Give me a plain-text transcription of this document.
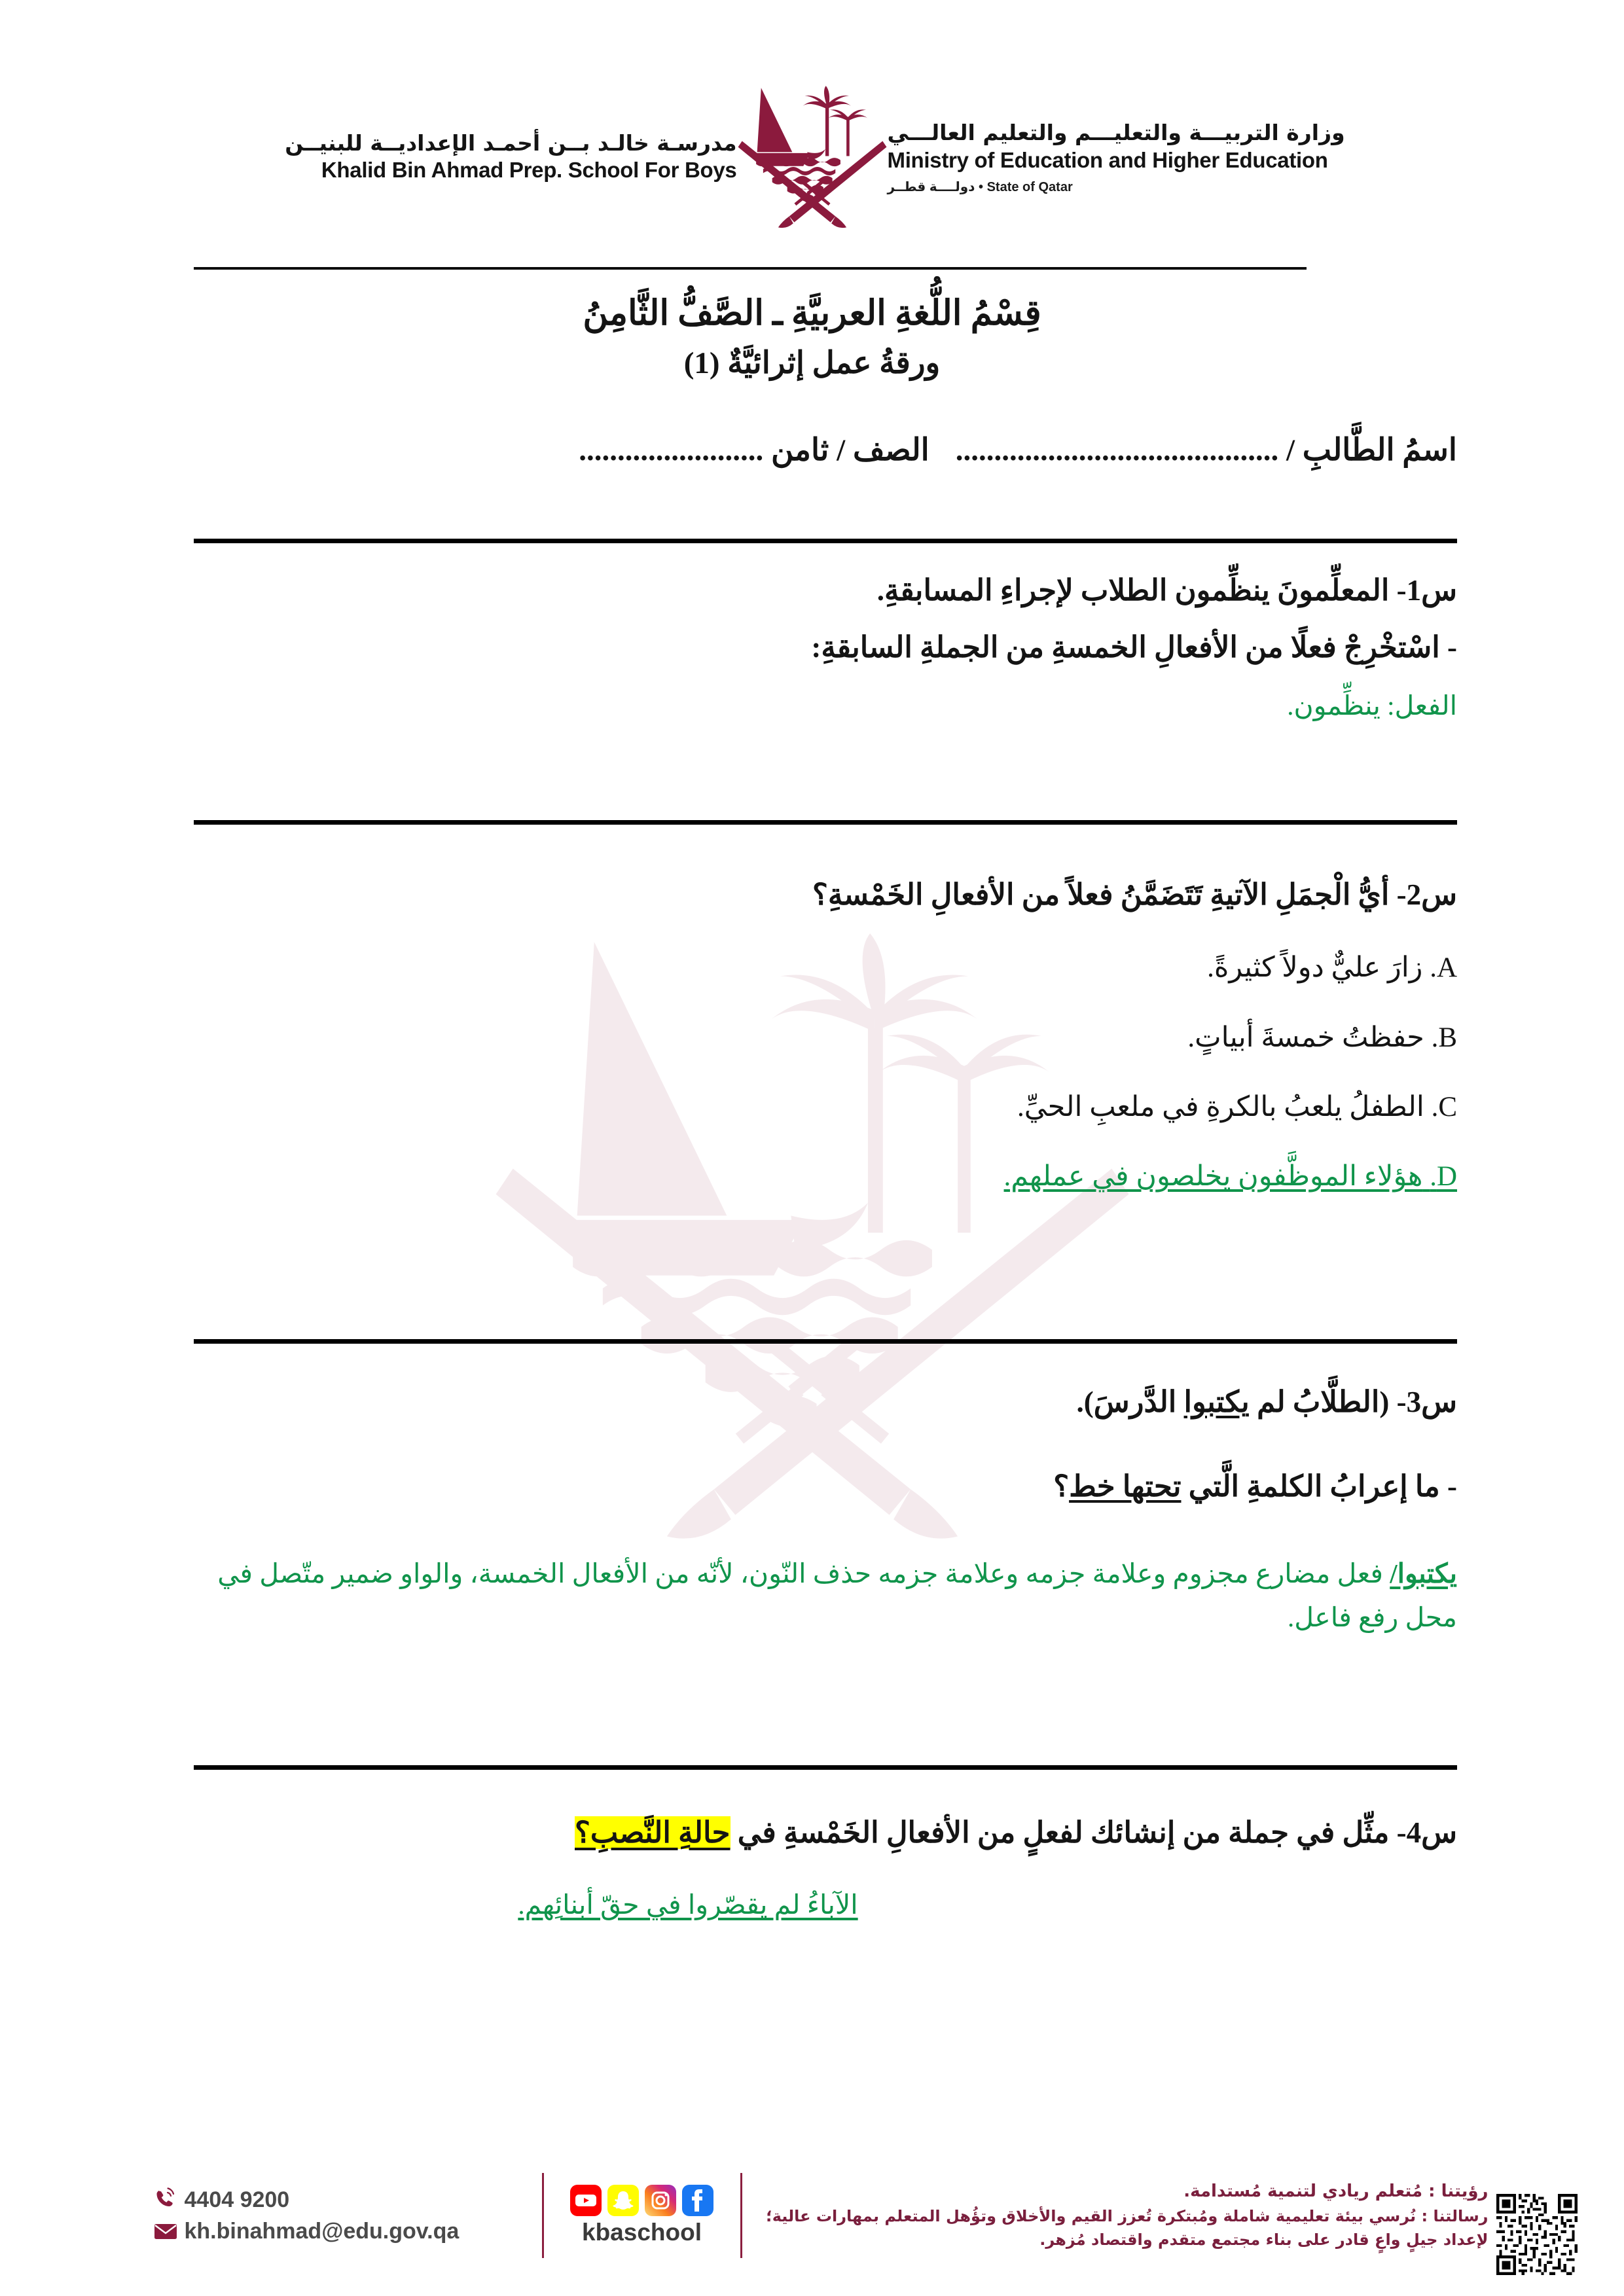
وزارة التربيـــة والتعليـــم والتعليم العالـــي
Ministry of Education and Higher Education
دولــــة قطــر • State of Qatar
مدرسـة خالـد بــن أحمـد الإعداديــة للبنيــن
Khalid Bin Ahmad Prep. School For Boys
قِسْمُ اللُّغةِ العربيَّةِ ـ الصَّفُّ الثَّامِنُ
ورقةُ عمل إثرائيَّةٌ (1)
اسمُ الطَّالبِ / ..........................................الصف / ثامن ........................
س1- المعلِّمونَ ينظِّمون الطلاب لإجراءِ المسابقةِ.
- اسْتخْرِجْ فعلًا من الأفعالِ الخمسةِ من الجملةِ السابقةِ:
الفعل: ينظِّمون.
س2- أيُّ الْجمَلِ الآتيةِ تَتَضَمَّنُ فعلاً من الأفعالِ الخَمْسةِ؟
A. زارَ عليٌّ دولاً كثيرةً.
B. حفظتُ خمسةَ أبياتٍ.
C. الطفلُ يلعبُ بالكرةِ في ملعبِ الحيِّ.
D. هؤلاء الموظَّفون يخلصون في عملهم.
س3- (الطلَّابُ لم يكتبوا الدَّرسَ).
- ما إعرابُ الكلمةِ الَّتي تحتها خط؟
يكتبوا/ فعل مضارع مجزوم وعلامة جزمه وعلامة جزمه حذف النّون، لأنّه من الأفعال الخمسة، والواو ضمير متّصل في محل رفع فاعل.
س4- مثِّل في جملة من إنشائك لفعلٍ من الأفعالِ الخَمْسةِ في حالةِ النَّصبِ؟
الآباءُ لم يقصّروا في حقّ أبنائِهم.
رؤيتنا : مُتعلم ريادي لتنمية مُستدامة.
رسالتنا : نُرسي بيئة تعليمية شاملة ومُبتكرة تُعزز القيم والأخلاق وتؤُهل المتعلم بمهارات عالية؛ لإعداد جيلٍ واعٍ قادر على بناء مجتمع متقدم واقتصاد مُزهر.
kbaschool
4404 9200
kh.binahmad@edu.gov.qa
